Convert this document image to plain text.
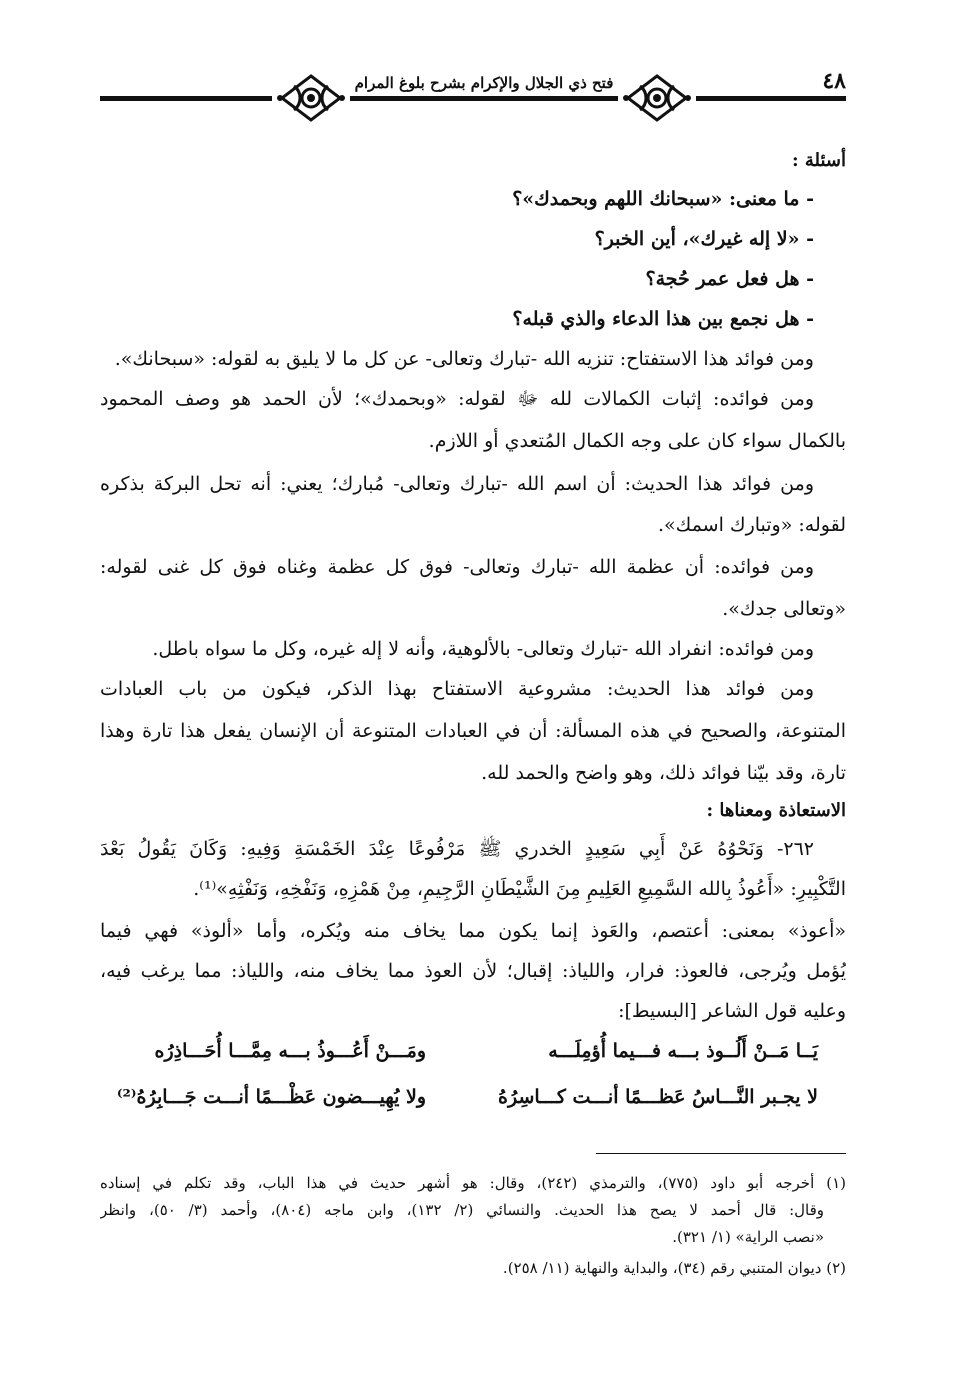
فتح ذي الجلال والإكرام بشرح بلوغ المرام	٤٨
أسئلة :
- ما معنى: «سبحانك اللهم وبحمدك»؟
- «لا إله غيرك»، أين الخبر؟
- هل فعل عمر حُجة؟
- هل نجمع بين هذا الدعاء والذي قبله؟
ومن فوائد هذا الاستفتاح: تنزيه الله -تبارك وتعالى- عن كل ما لا يليق به لقوله: «سبحانك».
ومن فوائده: إثبات الكمالات لله ﷻ لقوله: «وبحمدك»؛ لأن الحمد هو وصف المحمود
بالكمال سواء كان على وجه الكمال المُتعدي أو اللازم.
ومن فوائد هذا الحديث: أن اسم الله -تبارك وتعالى- مُبارك؛ يعني: أنه تحل البركة بذكره
لقوله: «وتبارك اسمك».
ومن فوائده: أن عظمة الله -تبارك وتعالى- فوق كل عظمة وغناه فوق كل غنى لقوله:
«وتعالى جدك».
ومن فوائده: انفراد الله -تبارك وتعالى- بالألوهية، وأنه لا إله غيره، وكل ما سواه باطل.
ومن فوائد هذا الحديث: مشروعية الاستفتاح بهذا الذكر، فيكون من باب العبادات
المتنوعة، والصحيح في هذه المسألة: أن في العبادات المتنوعة أن الإنسان يفعل هذا تارة وهذا
تارة، وقد بيّنا فوائد ذلك، وهو واضح والحمد لله.
الاستعاذة ومعناها :
٢٦٢- وَنَحْوُهُ عَنْ أَبِي سَعِيدٍ الخدري ﷺ مَرْفُوعًا عِنْدَ الخَمْسَةِ وَفِيهِ: وَكَانَ يَقُولُ بَعْدَ
التَّكْبِيرِ: «أَعُوذُ بِالله السَّمِيعِ العَلِيمِ مِنَ الشَّيْطَانِ الرَّجِيمِ، مِنْ هَمْزِهِ، وَنَفْخِهِ، وَنَفْثِهِ»⁽¹⁾.
«أعوذ» بمعنى: أعتصم، والعَوذ إنما يكون مما يخاف منه ويُكره، وأما «ألوذ» فهي فيما
يُؤمل ويُرجى، فالعوذ: فرار، واللياذ: إقبال؛ لأن العوذ مما يخاف منه، واللياذ: مما يرغب فيه،
وعليه قول الشاعر [البسيط]:
يَــا مَــنْ أَلُــوذ بـــه فـــيما أُؤمِلَـــه
ومَـــنْ أَعُـــوذُ بـــه مِمَّـــا أُحَـــاذِرُه
لا يجـبر النَّـــاسُ عَظـــمًا أنـــت كـــاسِرُهُ
ولا يُهِيـــضون عَظْـــمًا أنـــت جَـــابِرُهُ⁽²⁾
(١) أخرجه أبو داود (٧٧٥)، والترمذي (٢٤٢)، وقال: هو أشهر حديث في هذا الباب، وقد تكلم في إسناده
وقال: قال أحمد لا يصح هذا الحديث. والنسائي (٢/ ١٣٢)، وابن ماجه (٨٠٤)، وأحمد (٣/ ٥٠)، وانظر
«نصب الراية» (١/ ٣٢١).
(٢) ديوان المتنبي رقم (٣٤)، والبداية والنهاية (١١/ ٢٥٨).
